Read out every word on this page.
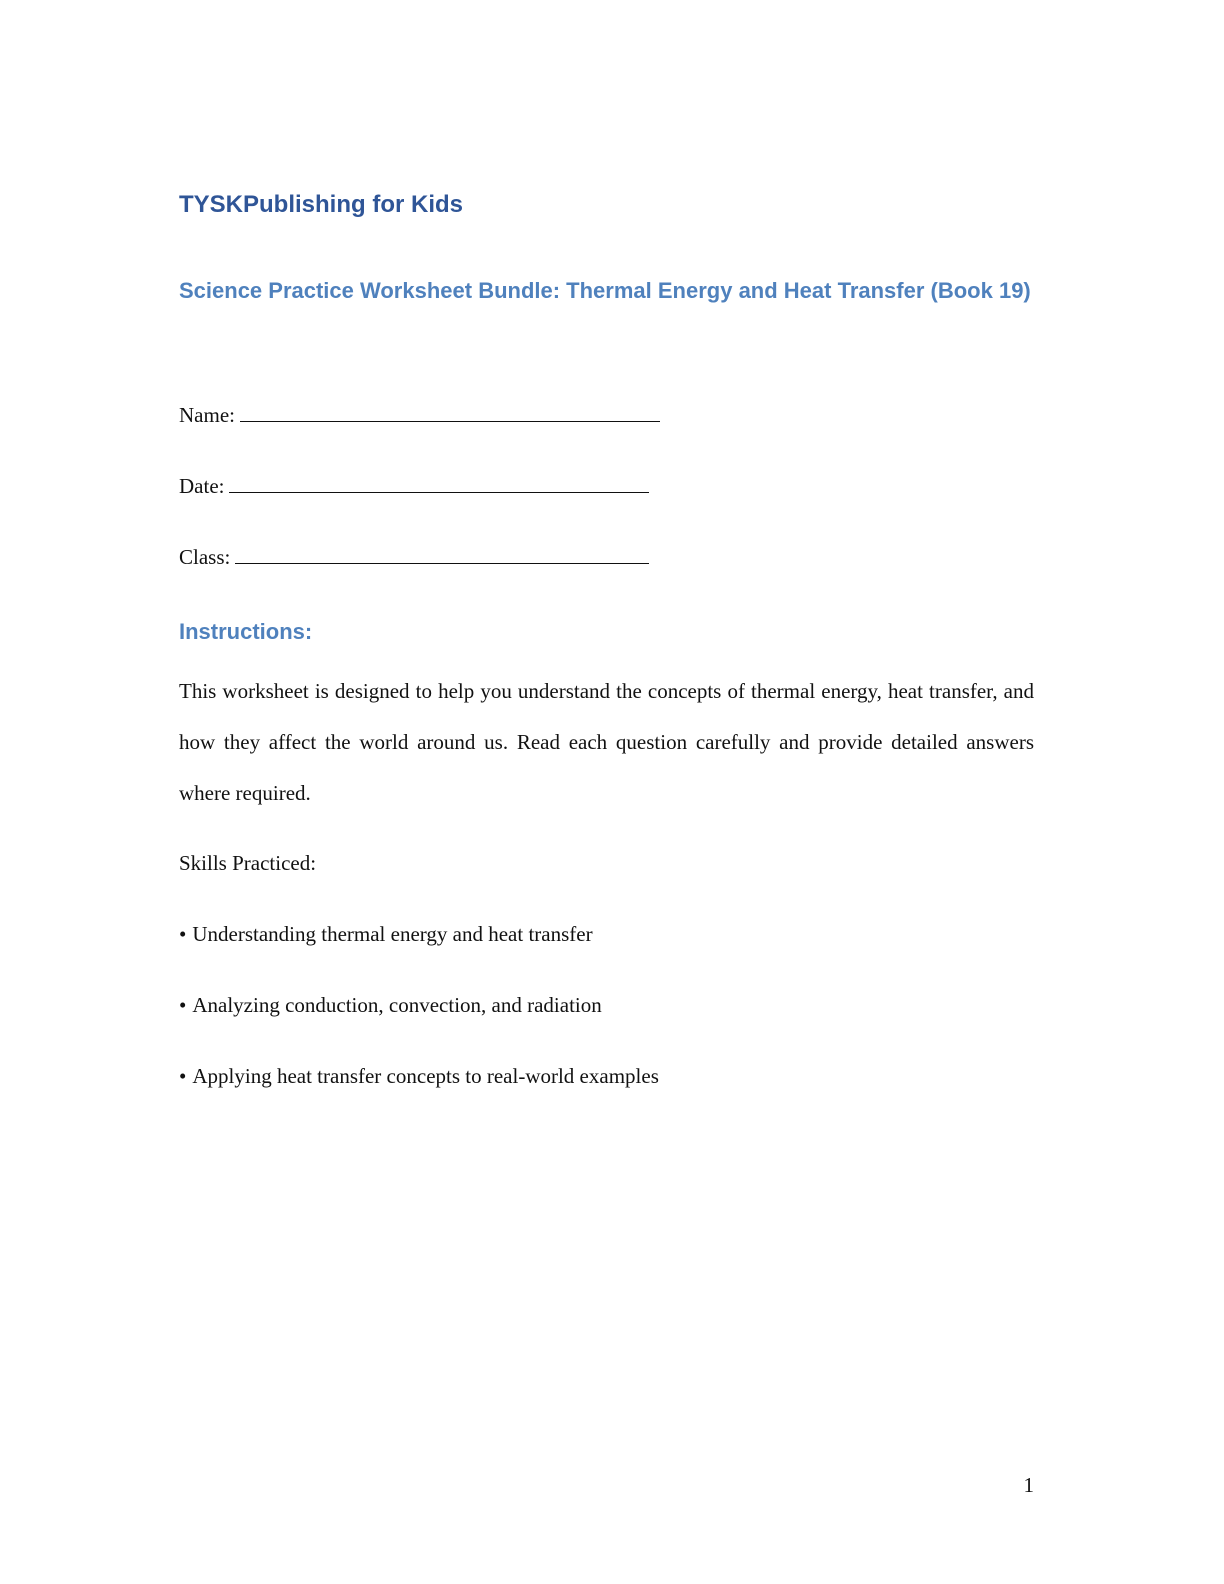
TYSKPublishing for Kids

Science Practice Worksheet Bundle: Thermal Energy and Heat Transfer (Book 19)

Name:
Date:
Class:
Instructions:

This worksheet is designed to help you understand the concepts of thermal energy, heat transfer, and how they affect the world around us. Read each question carefully and provide detailed answers where required.

Skills Practiced:
• Understanding thermal energy and heat transfer
• Analyzing conduction, convection, and radiation
• Applying heat transfer concepts to real-world examples
1
